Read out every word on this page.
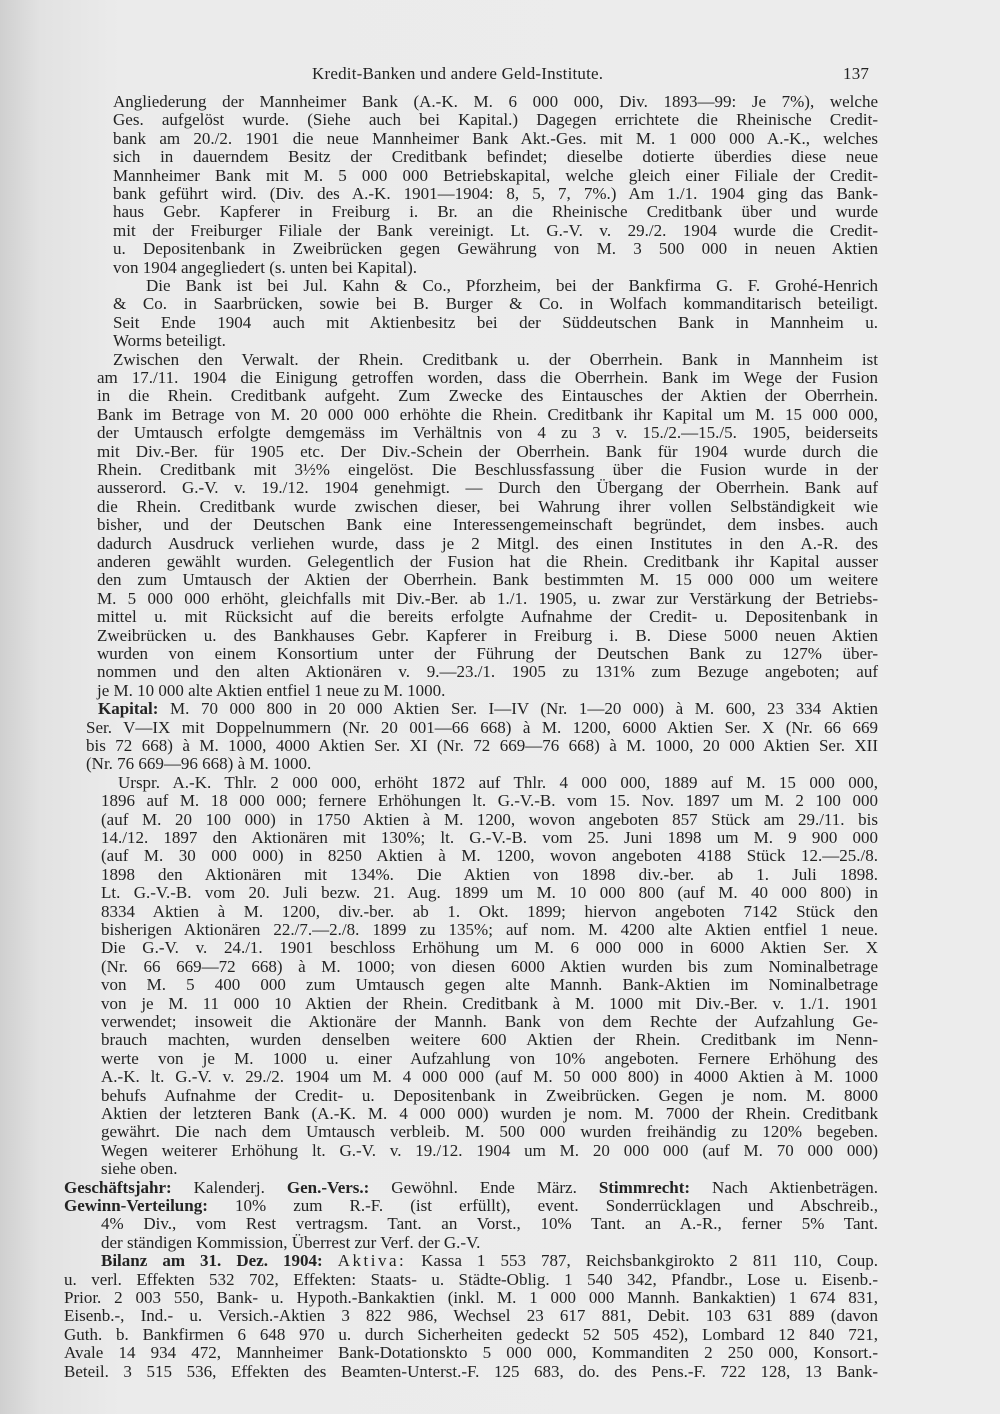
Kredit-Banken und andere Geld-Institute.	137
Angliederung der Mannheimer Bank (A.-K. M. 6 000 000, Div. 1893—99: Je 7%), welche
Ges. aufgelöst wurde. (Siehe auch bei Kapital.) Dagegen errichtete die Rheinische Credit-
bank am 20./2. 1901 die neue Mannheimer Bank Akt.-Ges. mit M. 1 000 000 A.-K., welches
sich in dauerndem Besitz der Creditbank befindet; dieselbe dotierte überdies diese neue
Mannheimer Bank mit M. 5 000 000 Betriebskapital, welche gleich einer Filiale der Credit-
bank geführt wird. (Div. des A.-K. 1901—1904: 8, 5, 7, 7%.) Am 1./1. 1904 ging das Bank-
haus Gebr. Kapferer in Freiburg i. Br. an die Rheinische Creditbank über und wurde
mit der Freiburger Filiale der Bank vereinigt. Lt. G.-V. v. 29./2. 1904 wurde die Credit-
u. Depositenbank in Zweibrücken gegen Gewährung von M. 3 500 000 in neuen Aktien
von 1904 angegliedert (s. unten bei Kapital).
Die Bank ist bei Jul. Kahn & Co., Pforzheim, bei der Bankfirma G. F. Grohé-Henrich
& Co. in Saarbrücken, sowie bei B. Burger & Co. in Wolfach kommanditarisch beteiligt.
Seit Ende 1904 auch mit Aktienbesitz bei der Süddeutschen Bank in Mannheim u.
Worms beteiligt.
Zwischen den Verwalt. der Rhein. Creditbank u. der Oberrhein. Bank in Mannheim ist
am 17./11. 1904 die Einigung getroffen worden, dass die Oberrhein. Bank im Wege der Fusion
in die Rhein. Creditbank aufgeht. Zum Zwecke des Eintausches der Aktien der Oberrhein.
Bank im Betrage von M. 20 000 000 erhöhte die Rhein. Creditbank ihr Kapital um M. 15 000 000,
der Umtausch erfolgte demgemäss im Verhältnis von 4 zu 3 v. 15./2.—15./5. 1905, beiderseits
mit Div.-Ber. für 1905 etc. Der Div.-Schein der Oberrhein. Bank für 1904 wurde durch die
Rhein. Creditbank mit 3½% eingelöst. Die Beschlussfassung über die Fusion wurde in der
ausserord. G.-V. v. 19./12. 1904 genehmigt. — Durch den Übergang der Oberrhein. Bank auf
die Rhein. Creditbank wurde zwischen dieser, bei Wahrung ihrer vollen Selbständigkeit wie
bisher, und der Deutschen Bank eine Interessengemeinschaft begründet, dem insbes. auch
dadurch Ausdruck verliehen wurde, dass je 2 Mitgl. des einen Institutes in den A.-R. des
anderen gewählt wurden. Gelegentlich der Fusion hat die Rhein. Creditbank ihr Kapital ausser
den zum Umtausch der Aktien der Oberrhein. Bank bestimmten M. 15 000 000 um weitere
M. 5 000 000 erhöht, gleichfalls mit Div.-Ber. ab 1./1. 1905, u. zwar zur Verstärkung der Betriebs-
mittel u. mit Rücksicht auf die bereits erfolgte Aufnahme der Credit- u. Depositenbank in
Zweibrücken u. des Bankhauses Gebr. Kapferer in Freiburg i. B. Diese 5000 neuen Aktien
wurden von einem Konsortium unter der Führung der Deutschen Bank zu 127% über-
nommen und den alten Aktionären v. 9.—23./1. 1905 zu 131% zum Bezuge angeboten; auf
je M. 10 000 alte Aktien entfiel 1 neue zu M. 1000.
Kapital: M. 70 000 800 in 20 000 Aktien Ser. I—IV (Nr. 1—20 000) à M. 600, 23 334 Aktien
Ser. V—IX mit Doppelnummern (Nr. 20 001—66 668) à M. 1200, 6000 Aktien Ser. X (Nr. 66 669
bis 72 668) à M. 1000, 4000 Aktien Ser. XI (Nr. 72 669—76 668) à M. 1000, 20 000 Aktien Ser. XII
(Nr. 76 669—96 668) à M. 1000.
Urspr. A.-K. Thlr. 2 000 000, erhöht 1872 auf Thlr. 4 000 000, 1889 auf M. 15 000 000,
1896 auf M. 18 000 000; fernere Erhöhungen lt. G.-V.-B. vom 15. Nov. 1897 um M. 2 100 000
(auf M. 20 100 000) in 1750 Aktien à M. 1200, wovon angeboten 857 Stück am 29./11. bis
14./12. 1897 den Aktionären mit 130%; lt. G.-V.-B. vom 25. Juni 1898 um M. 9 900 000
(auf M. 30 000 000) in 8250 Aktien à M. 1200, wovon angeboten 4188 Stück 12.—25./8.
1898 den Aktionären mit 134%. Die Aktien von 1898 div.-ber. ab 1. Juli 1898.
Lt. G.-V.-B. vom 20. Juli bezw. 21. Aug. 1899 um M. 10 000 800 (auf M. 40 000 800) in
8334 Aktien à M. 1200, div.-ber. ab 1. Okt. 1899; hiervon angeboten 7142 Stück den
bisherigen Aktionären 22./7.—2./8. 1899 zu 135%; auf nom. M. 4200 alte Aktien entfiel 1 neue.
Die G.-V. v. 24./1. 1901 beschloss Erhöhung um M. 6 000 000 in 6000 Aktien Ser. X
(Nr. 66 669—72 668) à M. 1000; von diesen 6000 Aktien wurden bis zum Nominalbetrage
von M. 5 400 000 zum Umtausch gegen alte Mannh. Bank-Aktien im Nominalbetrage
von je M. 11 000 10 Aktien der Rhein. Creditbank à M. 1000 mit Div.-Ber. v. 1./1. 1901
verwendet; insoweit die Aktionäre der Mannh. Bank von dem Rechte der Aufzahlung Ge-
brauch machten, wurden denselben weitere 600 Aktien der Rhein. Creditbank im Nenn-
werte von je M. 1000 u. einer Aufzahlung von 10% angeboten. Fernere Erhöhung des
A.-K. lt. G.-V. v. 29./2. 1904 um M. 4 000 000 (auf M. 50 000 800) in 4000 Aktien à M. 1000
behufs Aufnahme der Credit- u. Depositenbank in Zweibrücken. Gegen je nom. M. 8000
Aktien der letzteren Bank (A.-K. M. 4 000 000) wurden je nom. M. 7000 der Rhein. Creditbank
gewährt. Die nach dem Umtausch verbleib. M. 500 000 wurden freihändig zu 120% begeben.
Wegen weiterer Erhöhung lt. G.-V. v. 19./12. 1904 um M. 20 000 000 (auf M. 70 000 000)
siehe oben.
Geschäftsjahr: Kalenderj. Gen.-Vers.: Gewöhnl. Ende März. Stimmrecht: Nach Aktienbeträgen.
Gewinn-Verteilung: 10% zum R.-F. (ist erfüllt), event. Sonderrücklagen und Abschreib.,
4% Div., vom Rest vertragsm. Tant. an Vorst., 10% Tant. an A.-R., ferner 5% Tant.
der ständigen Kommission, Überrest zur Verf. der G.-V.
Bilanz am 31. Dez. 1904: Aktiva: Kassa 1 553 787, Reichsbankgirokto 2 811 110, Coup.
u. verl. Effekten 532 702, Effekten: Staats- u. Städte-Oblig. 1 540 342, Pfandbr., Lose u. Eisenb.-
Prior. 2 003 550, Bank- u. Hypoth.-Bankaktien (inkl. M. 1 000 000 Mannh. Bankaktien) 1 674 831,
Eisenb.-, Ind.- u. Versich.-Aktien 3 822 986, Wechsel 23 617 881, Debit. 103 631 889 (davon
Guth. b. Bankfirmen 6 648 970 u. durch Sicherheiten gedeckt 52 505 452), Lombard 12 840 721,
Avale 14 934 472, Mannheimer Bank-Dotationskto 5 000 000, Kommanditen 2 250 000, Konsort.-
Beteil. 3 515 536, Effekten des Beamten-Unterst.-F. 125 683, do. des Pens.-F. 722 128, 13 Bank-
